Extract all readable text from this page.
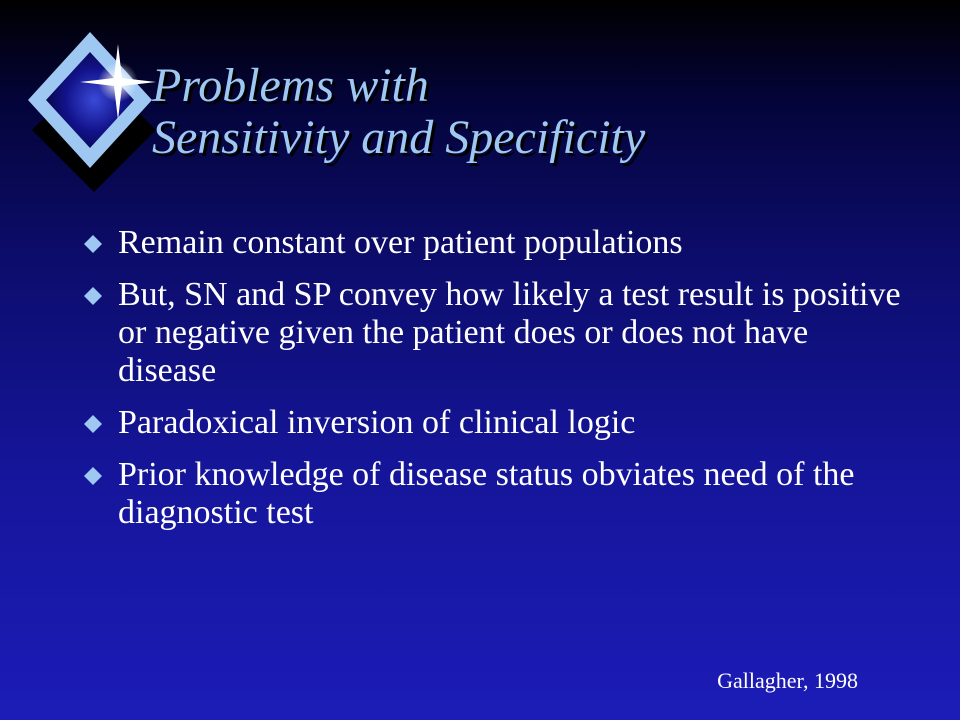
Problems with
Sensitivity and Specificity
Remain constant over patient populations
But, SN and SP convey how likely a test result is positive or negative given the patient does or does not have disease
Paradoxical inversion of clinical logic
Prior knowledge of disease status obviates need of the diagnostic test
Gallagher, 1998
